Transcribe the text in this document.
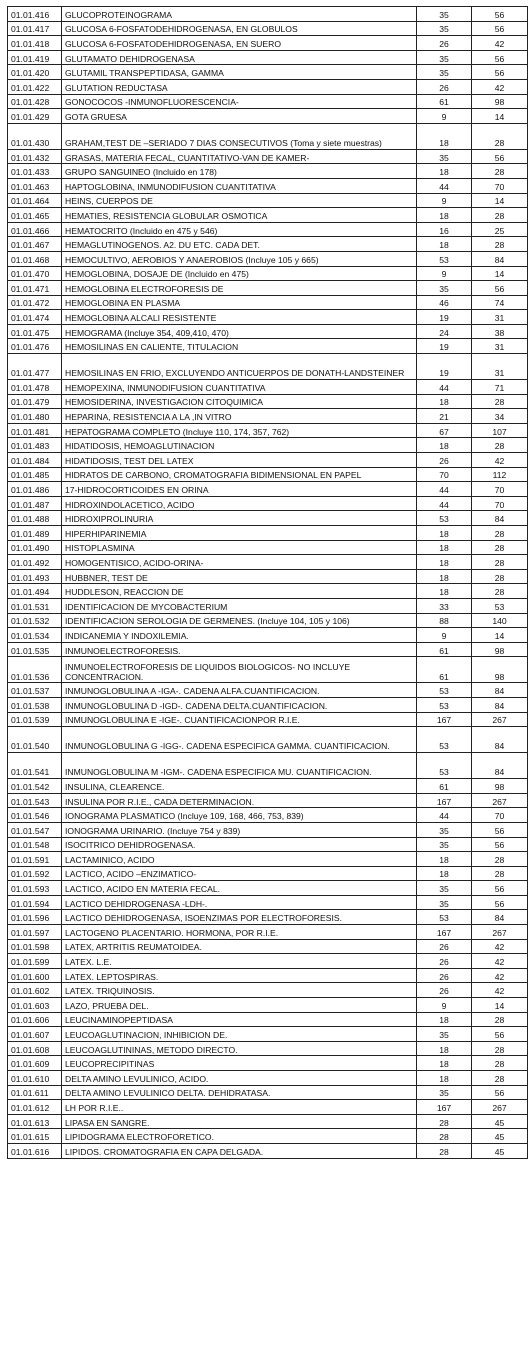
01.01.416	GLUCOPROTEINOGRAMA	35	56
01.01.417	GLUCOSA 6-FOSFATODEHIDROGENASA, EN GLOBULOS	35	56
01.01.418	GLUCOSA 6-FOSFATODEHIDROGENASA, EN SUERO	26	42
01.01.419	GLUTAMATO DEHIDROGENASA	35	56
01.01.420	GLUTAMIL TRANSPEPTIDASA, GAMMA	35	56
01.01.422	GLUTATION REDUCTASA	26	42
01.01.428	GONOCOCOS -INMUNOFLUORESCENCIA-	61	98
01.01.429	GOTA GRUESA	9	14
01.01.430	GRAHAM,TEST DE –SERIADO 7 DIAS CONSECUTIVOS (Toma y siete muestras)	18	28
01.01.432	GRASAS, MATERIA FECAL, CUANTITATIVO-VAN DE KAMER-	35	56
01.01.433	GRUPO SANGUINEO (Incluido en 178)	18	28
01.01.463	HAPTOGLOBINA, INMUNODIFUSION CUANTITATIVA	44	70
01.01.464	HEINS, CUERPOS DE	9	14
01.01.465	HEMATIES, RESISTENCIA GLOBULAR OSMOTICA	18	28
01.01.466	HEMATOCRITO (Incluido en 475 y 546)	16	25
01.01.467	HEMAGLUTINOGENOS. A2. DU ETC. CADA DET.	18	28
01.01.468	HEMOCULTIVO, AEROBIOS Y ANAEROBIOS (Incluye 105 y 665)	53	84
01.01.470	HEMOGLOBINA, DOSAJE DE (Incluido en 475)	9	14
01.01.471	HEMOGLOBINA ELECTROFORESIS DE	35	56
01.01.472	HEMOGLOBINA EN PLASMA	46	74
01.01.474	HEMOGLOBINA ALCALI RESISTENTE	19	31
01.01.475	HEMOGRAMA (Incluye 354, 409,410, 470)	24	38
01.01.476	HEMOSILINAS EN CALIENTE, TITULACION	19	31
01.01.477	HEMOSILINAS EN FRIO, EXCLUYENDO ANTICUERPOS DE DONATH-LANDSTEINER	19	31
01.01.478	HEMOPEXINA, INMUNODIFUSION CUANTITATIVA	44	71
01.01.479	HEMOSIDERINA, INVESTIGACION CITOQUIMICA	18	28
01.01.480	HEPARINA, RESISTENCIA A LA ,IN VITRO	21	34
01.01.481	HEPATOGRAMA COMPLETO (Incluye 110, 174, 357, 762)	67	107
01.01.483	HIDATIDOSIS, HEMOAGLUTINACION	18	28
01.01.484	HIDATIDOSIS, TEST DEL LATEX	26	42
01.01.485	HIDRATOS DE CARBONO, CROMATOGRAFIA BIDIMENSIONAL EN PAPEL	70	112
01.01.486	17-HIDROCORTICOIDES EN ORINA	44	70
01.01.487	HIDROXINDOLACETICO, ACIDO	44	70
01.01.488	HIDROXIPROLINURIA	53	84
01.01.489	HIPERHIPARINEMIA	18	28
01.01.490	HISTOPLASMINA	18	28
01.01.492	HOMOGENTISICO, ACIDO-ORINA-	18	28
01.01.493	HUBBNER, TEST DE	18	28
01.01.494	HUDDLESON, REACCION DE	18	28
01.01.531	IDENTIFICACION DE MYCOBACTERIUM	33	53
01.01.532	IDENTIFICACION SEROLOGIA DE GERMENES. (Incluye 104, 105 y 106)	88	140
01.01.534	INDICANEMIA Y INDOXILEMIA.	9	14
01.01.535	INMUNOELECTROFORESIS.	61	98
01.01.536	INMUNOELECTROFORESIS DE LIQUIDOS BIOLOGICOS- NO INCLUYE CONCENTRACION.	61	98
01.01.537	INMUNOGLOBULINA A -IGA-. CADENA ALFA.CUANTIFICACION.	53	84
01.01.538	INMUNOGLOBULINA D -IGD-. CADENA DELTA.CUANTIFICACION.	53	84
01.01.539	INMUNOGLOBULINA E -IGE-. CUANTIFICACIONPOR R.I.E.	167	267
01.01.540	INMUNOGLOBULINA G -IGG-. CADENA ESPECIFICA GAMMA. CUANTIFICACION.	53	84
01.01.541	INMUNOGLOBULINA M -IGM-. CADENA ESPECIFICA MU. CUANTIFICACION.	53	84
01.01.542	INSULINA, CLEARENCE.	61	98
01.01.543	INSULINA POR R.I.E., CADA DETERMINACION.	167	267
01.01.546	IONOGRAMA PLASMATICO (Incluye 109, 168, 466, 753, 839)	44	70
01.01.547	IONOGRAMA URINARIO. (Incluye 754 y 839)	35	56
01.01.548	ISOCITRICO DEHIDROGENASA.	35	56
01.01.591	LACTAMINICO, ACIDO	18	28
01.01.592	LACTICO, ACIDO –ENZIMATICO-	18	28
01.01.593	LACTICO, ACIDO EN MATERIA FECAL.	35	56
01.01.594	LACTICO DEHIDROGENASA -LDH-.	35	56
01.01.596	LACTICO DEHIDROGENASA, ISOENZIMAS POR ELECTROFORESIS.	53	84
01.01.597	LACTOGENO PLACENTARIO. HORMONA, POR R.I.E.	167	267
01.01.598	LATEX, ARTRITIS REUMATOIDEA.	26	42
01.01.599	LATEX. L.E.	26	42
01.01.600	LATEX. LEPTOSPIRAS.	26	42
01.01.602	LATEX. TRIQUINOSIS.	26	42
01.01.603	LAZO, PRUEBA DEL.	9	14
01.01.606	LEUCINAMINOPEPTIDASA	18	28
01.01.607	LEUCOAGLUTINACION, INHIBICION DE.	35	56
01.01.608	LEUCOAGLUTININAS, METODO DIRECTO.	18	28
01.01.609	LEUCOPRECIPITINAS	18	28
01.01.610	DELTA AMINO LEVULINICO, ACIDO.	18	28
01.01.611	DELTA AMINO LEVULINICO DELTA. DEHIDRATASA.	35	56
01.01.612	LH POR R.I.E..	167	267
01.01.613	LIPASA EN SANGRE.	28	45
01.01.615	LIPIDOGRAMA ELECTROFORETICO.	28	45
01.01.616	LIPIDOS. CROMATOGRAFIA EN CAPA DELGADA.	28	45
